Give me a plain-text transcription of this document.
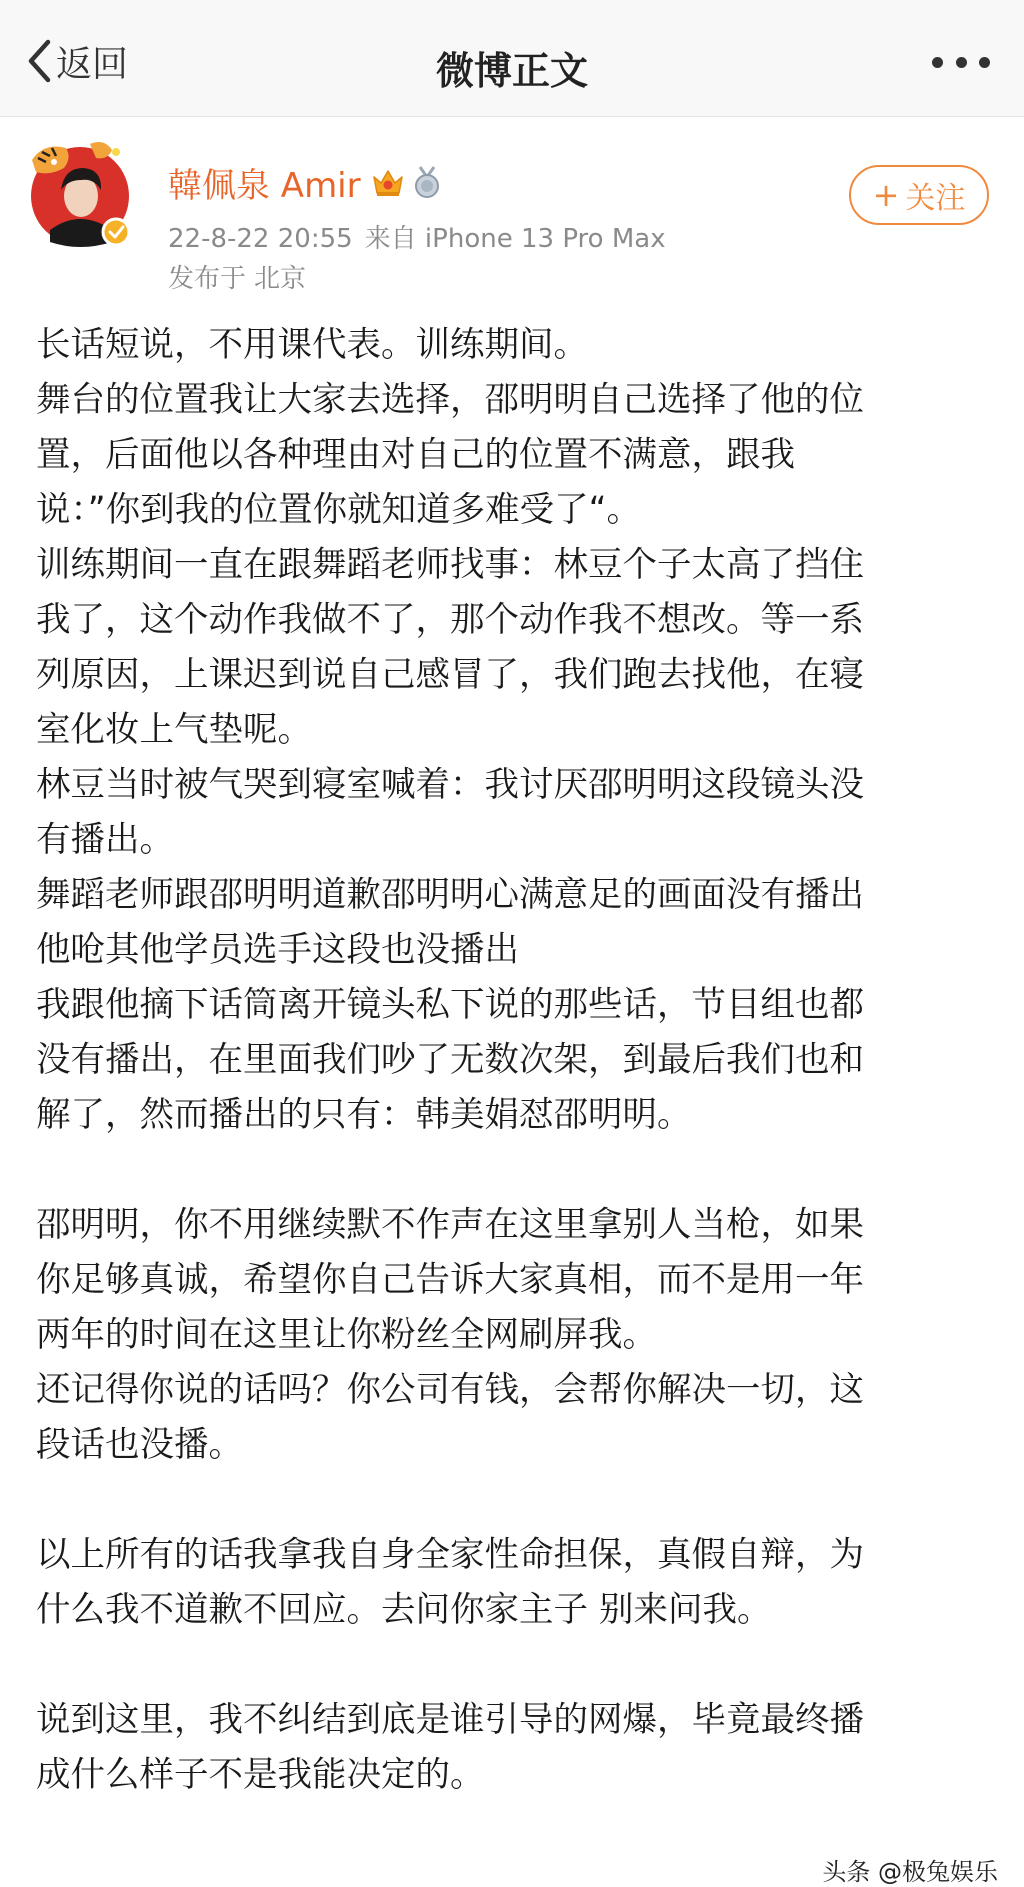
返回	微博正文
韓佩泉 Amir
22-8-22 20:55 来自 iPhone 13 Pro Max
发布于 北京
+ 关注
长话短说，不用课代表。训练期间。
舞台的位置我让大家去选择，邵明明自己选择了他的位
置，后面他以各种理由对自己的位置不满意，跟我
说：”你到我的位置你就知道多难受了“。
训练期间一直在跟舞蹈老师找事：林豆个子太高了挡住
我了，这个动作我做不了，那个动作我不想改。等一系
列原因，上课迟到说自己感冒了，我们跑去找他，在寝
室化妆上气垫呢。
林豆当时被气哭到寝室喊着：我讨厌邵明明这段镜头没
有播出。
舞蹈老师跟邵明明道歉邵明明心满意足的画面没有播出
他呛其他学员选手这段也没播出
我跟他摘下话筒离开镜头私下说的那些话，节目组也都
没有播出，在里面我们吵了无数次架，到最后我们也和
解了，然而播出的只有：韩美娟怼邵明明。
邵明明，你不用继续默不作声在这里拿别人当枪，如果
你足够真诚，希望你自己告诉大家真相，而不是用一年
两年的时间在这里让你粉丝全网刷屏我。
还记得你说的话吗？你公司有钱，会帮你解决一切，这
段话也没播。
以上所有的话我拿我自身全家性命担保，真假自辩，为
什么我不道歉不回应。去问你家主子 别来问我。
说到这里，我不纠结到底是谁引导的网爆，毕竟最终播
成什么样子不是我能决定的。
头条 @极兔娱乐
